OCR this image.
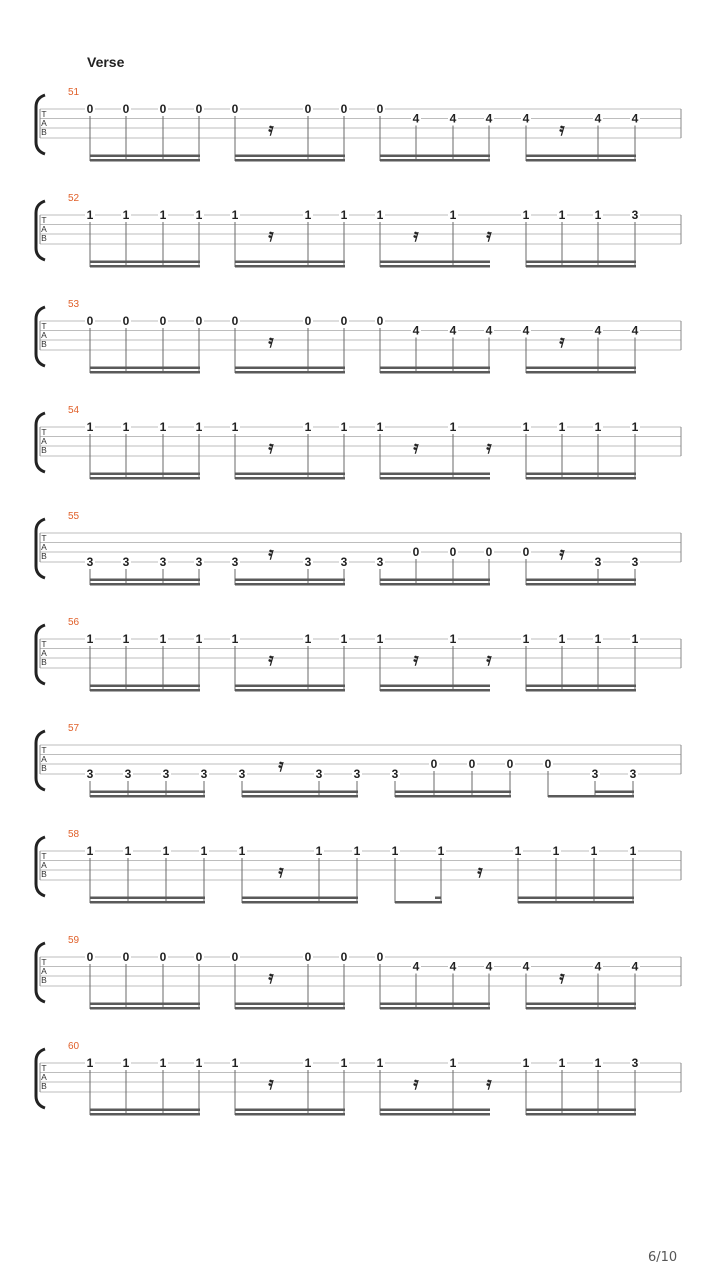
Verse
T
A
B
51
0 0	0 0 0
𝄿
0 0 0
4	4 4	4
𝄿
4	4
T
A
B
52
1 1	1 1 1
𝄿
1 1 1
𝄿
1
𝄿
1 1 1	3
T
A
B
53
0 0	0 0 0
𝄿
0 0 0
4	4 4	4
𝄿
4	4
T
A
B
54
1 1	1 1 1
𝄿
1 1 1
𝄿
1
𝄿
1 1 1	1
T
A
B
55
3 3	3 3 3 𝄿	3 3 3
0	0 0	0 𝄿	3	3
T
A
B
56
1 1	1 1 1
𝄿
1 1 1
𝄿
1
𝄿
1 1 1	1
T
A
B
57
3	3	3	3	3 𝄿	3	3	3
0	0	0	0
3	3
T
A
B
58
1	1	1	1	1
𝄿
1	1	1	1
𝄿
1	1	1	1
T
A
B
59
0 0	0 0 0
𝄿
0 0 0
4	4 4	4
𝄿
4	4
T
A
B
60
1 1	1 1 1
𝄿
1 1 1
𝄿
1
𝄿
1 1 1	3
6/10
